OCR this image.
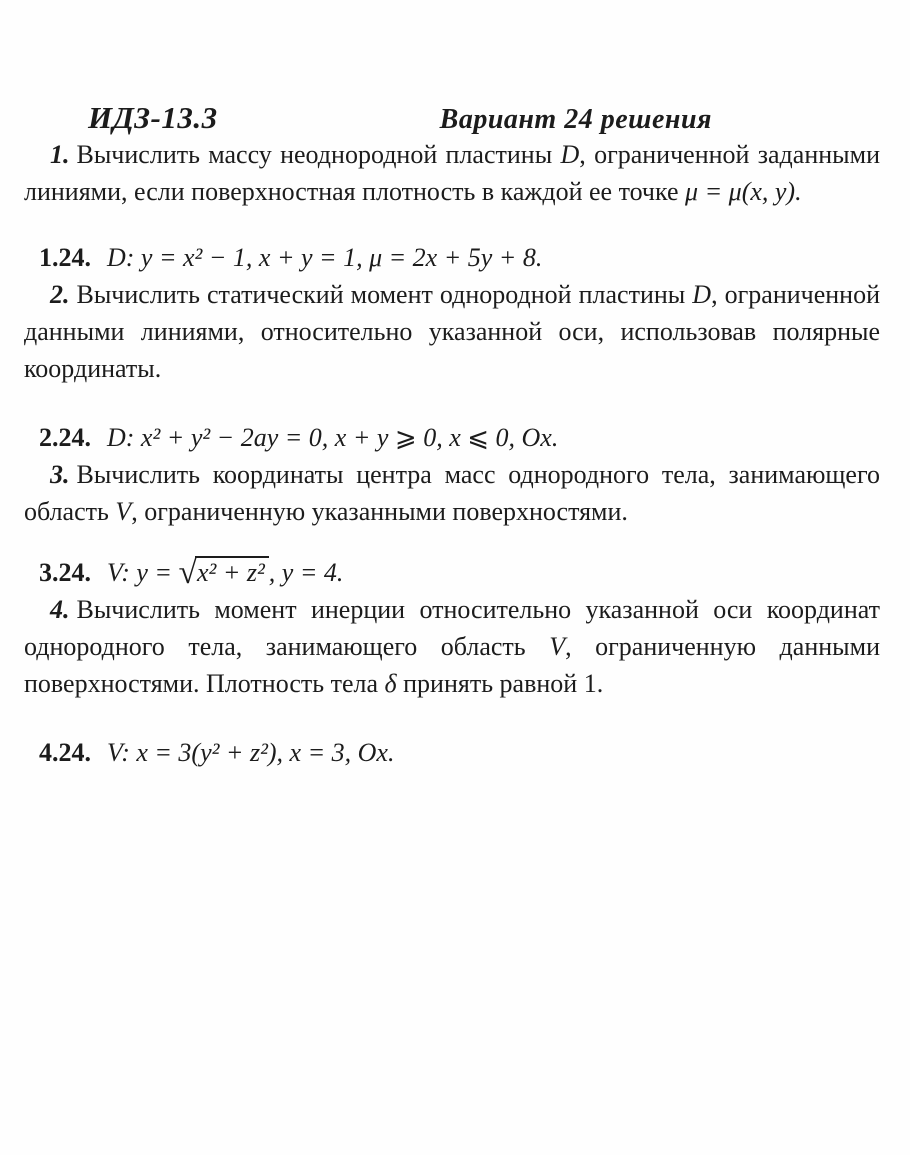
ИДЗ-13.3	Вариант 24 решения

1. Вычислить массу неоднородной пластины D, ограниченной заданными линиями, если поверхностная плотность в каждой ее точке μ = μ(x, y).

1.24. D: y = x² − 1, x + y = 1, μ = 2x + 5y + 8.

2. Вычислить статический момент однородной пластины D, ограниченной данными линиями, относительно указанной оси, использовав полярные координаты.

2.24. D: x² + y² − 2ay = 0, x + y ⩾ 0, x ⩽ 0, Ox.

3. Вычислить координаты центра масс однородного тела, занимающего область V, ограниченную указанными поверхностями.

3.24. V: y = √x² + z² , y = 4.

4. Вычислить момент инерции относительно указанной оси координат однородного тела, занимающего область V, ограниченную данными поверхностями. Плотность тела δ принять равной 1.

4.24. V: x = 3(y² + z²), x = 3, Ox.
